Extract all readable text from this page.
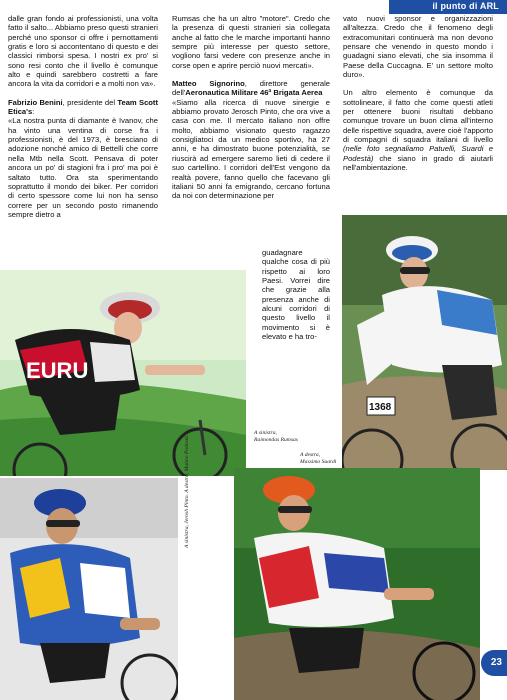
il punto di ARL

dalle gran fondo ai professionisti, una volta fatto il salto... Abbiamo preso questi stranieri perché uno sponsor ci offre i pernottamenti gratis e loro si accontentano di questo e dei classici rimborsi spesa. I nostri ex pro' si sono resi conto che il livello è comunque alto e quindi sarebbero costretti a fare ancora la vita da corridori e a molti non va».

Fabrizio Benini, presidente del Team Scott Etica's:

«La nostra punta di diamante è Ivanov, che ha vinto una ventina di corse fra i professionisti, è del 1973, è bresciano di adozione nonché amico di Bettelli che corre nella Mtb nella Scott. Pensava di poter ancora un po' di stagioni fra i pro' ma poi è saltato tutto. Ora sta sperimentando soprattutto il mondo dei biker. Per corridori di certo spessore come lui non ha senso correre per un secondo posto rimanendo sempre dietro a

Rumsas che ha un altro "motore". Credo che la presenza di questi stranieri sia collegata anche al fatto che le marche importanti hanno sempre più interesse per questo settore, vogliono farsi vedere con presenze anche in corse open e aprire perciò nuovi mercati».

Matteo Signorino, direttore generale dell'Aeronautica Militare 46ª Brigata Aerea

«Siamo alla ricerca di nuove sinergie e abbiamo provato Jerosch Pinto, che ora vive a casa con me. Il mercato italiano non offre molto, abbiamo visionato questo ragazzo consigliatoci da un medico sportivo, ha 27 anni, e ha dimostrato buone potenzialità, se riuscirà ad emergere saremo lieti di cedere il suo cartellino. I corridori dell'Est vengono da realtà povere, fanno quello che facevano gli italiani 50 anni fa emigrando, cercano fortuna da noi con determinazione per

guadagnare qualche cosa di più rispetto ai loro Paesi. Vorrei dire che grazie alla presenza anche di alcuni corridori di questo livello il movimento si è elevato e ha tro-

vato nuovi sponsor e organizzazioni all'altezza. Credo che il fenomeno degli extracomunitari continuerà ma non devono pensare che venendo in questo mondo i guadagni siano elevati, che sia insomma il Paese della Cuccagna. E' un settore molto duro».

Un altro elemento è comunque da sottolineare, il fatto che come questi atleti per ottenere buoni risultati debbano comunque trovare un buon clima all'interno delle rispettive squadra, avere cioè l'apporto di compagni di squadra italiani di livello (nelle foto segnaliamo Patuelli, Suardi e Podestà) che siano in grado di aiutarli nell'ambientazione.

EURU
1368
A sinistra, Raimondas Rumsas
A destra, Massimo Suardi
A sinistra, Jerosh Pinto. A destra, Matteo Podestà
23
